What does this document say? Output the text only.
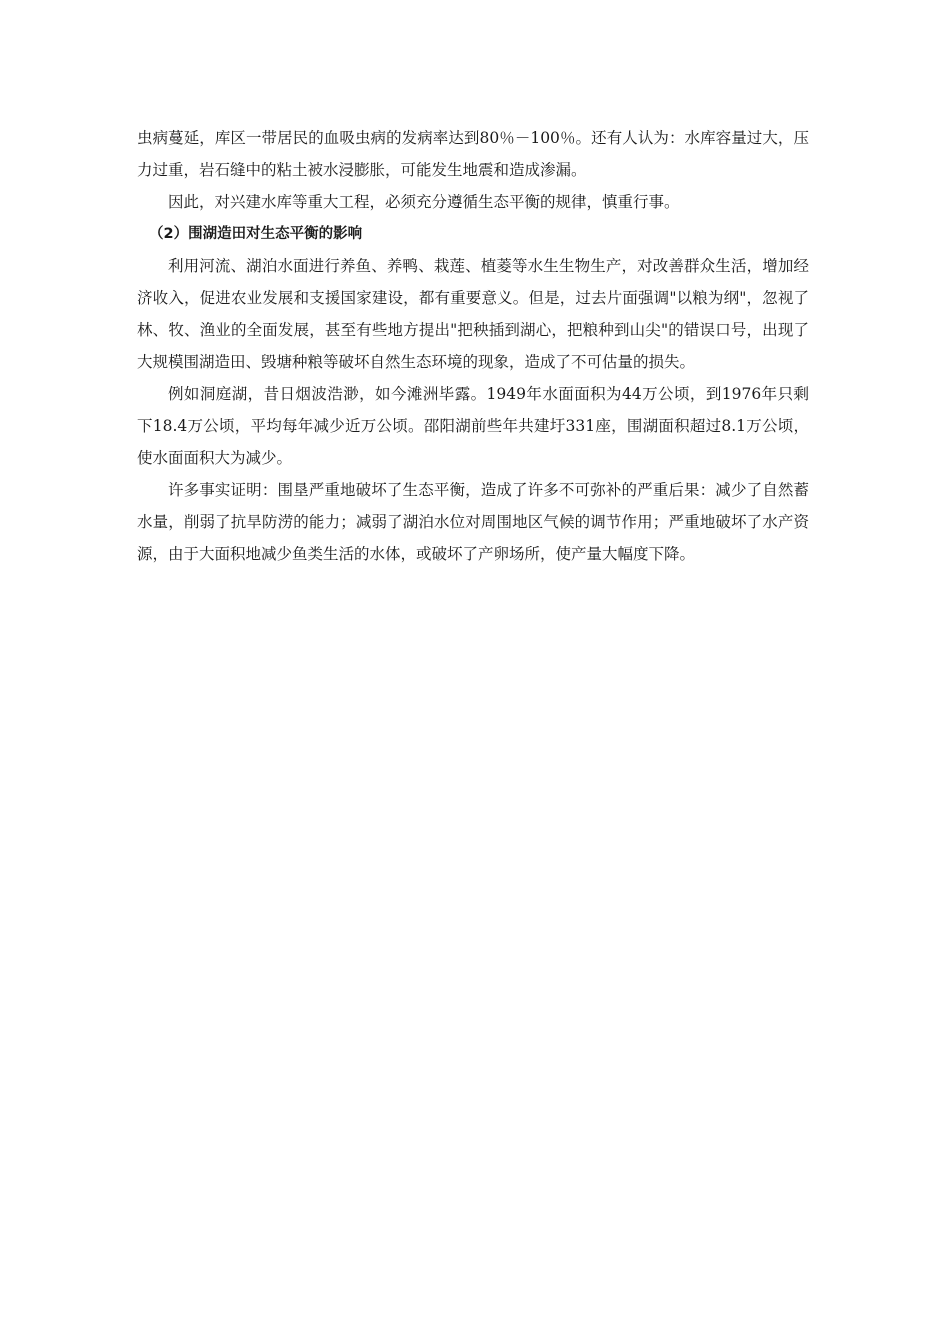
虫病蔓延，库区一带居民的血吸虫病的发病率达到80％－100％。还有人认为：水库容量过大，压力过重，岩石缝中的粘土被水浸膨胀，可能发生地震和造成渗漏。

因此，对兴建水库等重大工程，必须充分遵循生态平衡的规律，慎重行事。

（2）围湖造田对生态平衡的影响

利用河流、湖泊水面进行养鱼、养鸭、栽莲、植菱等水生生物生产，对改善群众生活，增加经济收入，促进农业发展和支援国家建设，都有重要意义。但是，过去片面强调"以粮为纲"，忽视了林、牧、渔业的全面发展，甚至有些地方提出"把秧插到湖心，把粮种到山尖"的错误口号，出现了大规模围湖造田、毁塘种粮等破坏自然生态环境的现象，造成了不可估量的损失。

例如洞庭湖，昔日烟波浩渺，如今滩洲毕露。1949年水面面积为44万公顷，到1976年只剩下18.4万公顷，平均每年减少近万公顷。邵阳湖前些年共建圩331座，围湖面积超过8.1万公顷，使水面面积大为减少。

许多事实证明：围垦严重地破坏了生态平衡，造成了许多不可弥补的严重后果：减少了自然蓄水量，削弱了抗旱防涝的能力；减弱了湖泊水位对周围地区气候的调节作用；严重地破坏了水产资源，由于大面积地减少鱼类生活的水体，或破坏了产卵场所，使产量大幅度下降。
